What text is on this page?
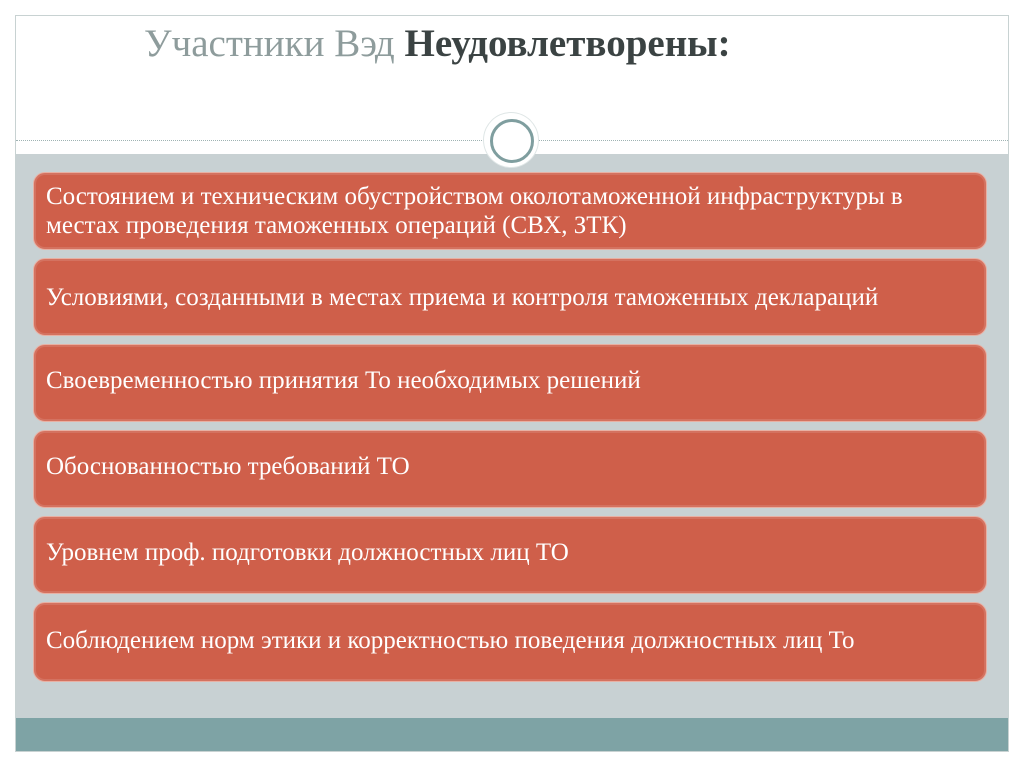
Участники Вэд Неудовлетворены:
Состоянием и техническим обустройством околотаможенной инфраструктуры в местах проведения таможенных операций (СВХ, ЗТК)
Условиями, созданными в местах приема и контроля таможенных деклараций
Своевременностью принятия То необходимых решений
Обоснованностью требований ТО
Уровнем проф. подготовки должностных лиц ТО
Соблюдением норм этики и корректностью поведения должностных лиц То
